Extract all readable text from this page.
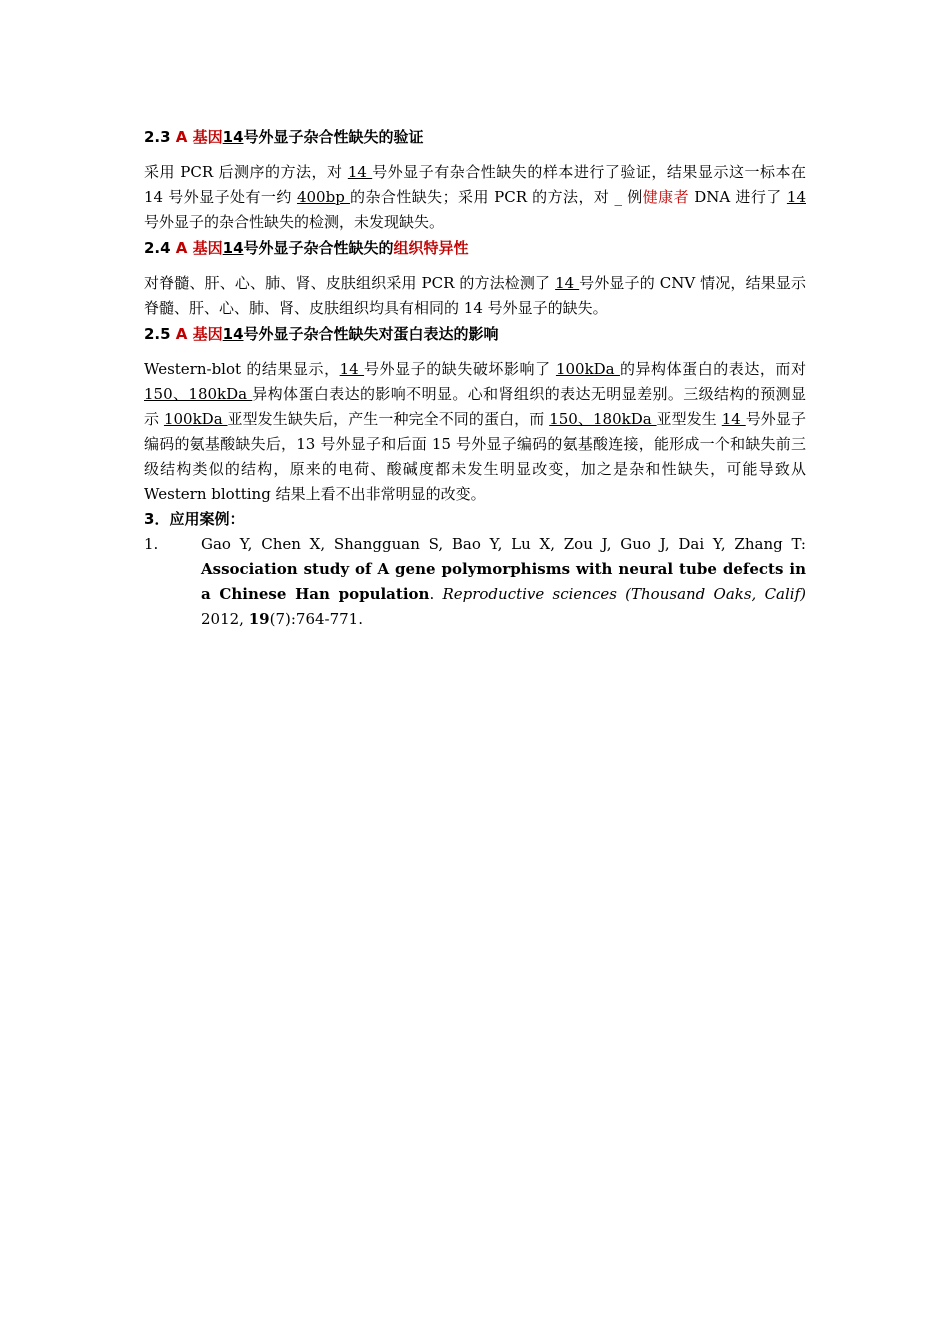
2.3 A 基因14号外显子杂合性缺失的验证

采用 PCR 后测序的方法，对 14 号外显子有杂合性缺失的样本进行了验证，结果显示这一标本在 14 号外显子处有一约 400bp 的杂合性缺失；采用 PCR 的方法，对 _ 例健康者 DNA 进行了 14 号外显子的杂合性缺失的检测，未发现缺失。

2.4 A 基因14号外显子杂合性缺失的组织特异性

对脊髓、肝、心、肺、肾、皮肤组织采用 PCR 的方法检测了 14 号外显子的 CNV 情况，结果显示脊髓、肝、心、肺、肾、皮肤组织均具有相同的 14 号外显子的缺失。

2.5 A 基因14号外显子杂合性缺失对蛋白表达的影响

Western-blot 的结果显示，14 号外显子的缺失破坏影响了 100kDa 的异构体蛋白的表达，而对 150、180kDa 异构体蛋白表达的影响不明显。心和肾组织的表达无明显差别。三级结构的预测显示 100kDa 亚型发生缺失后，产生一种完全不同的蛋白，而 150、180kDa 亚型发生 14 号外显子编码的氨基酸缺失后，13 号外显子和后面 15 号外显子编码的氨基酸连接，能形成一个和缺失前三级结构类似的结构，原来的电荷、酸碱度都未发生明显改变，加之是杂和性缺失，可能导致从 Western blotting 结果上看不出非常明显的改变。

3．应用案例：
1.	Gao Y, Chen X, Shangguan S, Bao Y, Lu X, Zou J, Guo J, Dai Y, Zhang T: Association study of A gene polymorphisms with neural tube defects in a Chinese Han population. Reproductive sciences (Thousand Oaks, Calif) 2012, 19(7):764-771.
